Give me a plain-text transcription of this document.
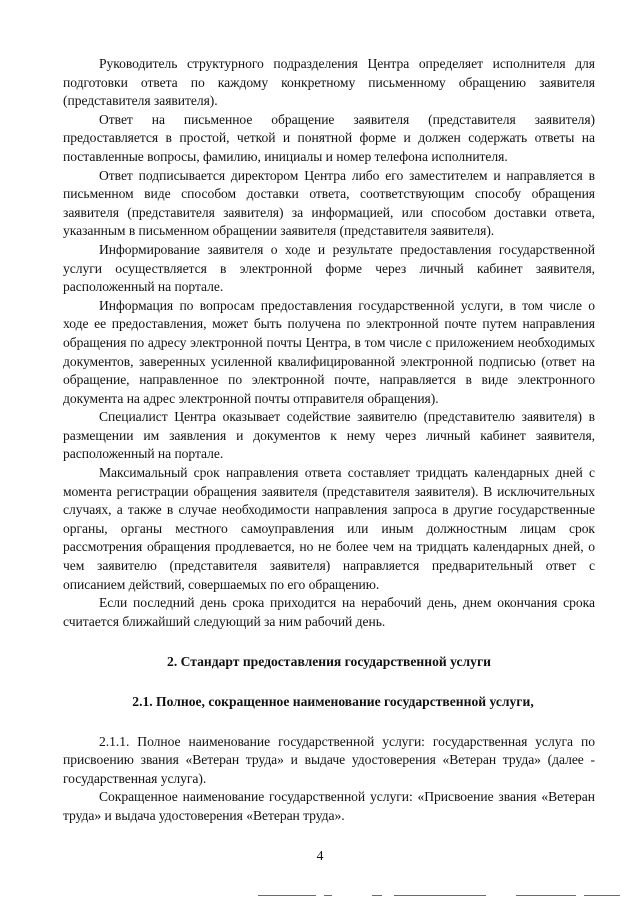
Руководитель структурного подразделения Центра определяет исполнителя для подготовки ответа по каждому конкретному письменному обращению заявителя (представителя заявителя).

Ответ на письменное обращение заявителя (представителя заявителя) предоставляется в простой, четкой и понятной форме и должен содержать ответы на поставленные вопросы, фамилию, инициалы и номер телефона исполнителя.

Ответ подписывается директором Центра либо его заместителем и направляется в письменном виде способом доставки ответа, соответствующим способу обращения заявителя (представителя заявителя) за информацией, или способом доставки ответа, указанным в письменном обращении заявителя (представителя заявителя).

Информирование заявителя о ходе и результате предоставления государственной услуги осуществляется в электронной форме через личный кабинет заявителя, расположенный на портале.

Информация по вопросам предоставления государственной услуги, в том числе о ходе ее предоставления, может быть получена по электронной почте путем направления обращения по адресу электронной почты Центра, в том числе с приложением необходимых документов, заверенных усиленной квалифицированной электронной подписью (ответ на обращение, направленное по электронной почте, направляется в виде электронного документа на адрес электронной почты отправителя обращения).

Специалист Центра оказывает содействие заявителю (представителю заявителя) в размещении им заявления и документов к нему через личный кабинет заявителя, расположенный на портале.

Максимальный срок направления ответа составляет тридцать календарных дней с момента регистрации обращения заявителя (представителя заявителя). В исключительных случаях, а также в случае необходимости направления запроса в другие государственные органы, органы местного самоуправления или иным должностным лицам срок рассмотрения обращения продлевается, но не более чем на тридцать календарных дней, о чем заявителю (представителя заявителя) направляется предварительный ответ с описанием действий, совершаемых по его обращению.

Если последний день срока приходится на нерабочий день, днем окончания срока считается ближайший следующий за ним рабочий день.

2. Стандарт предоставления государственной услуги
2.1. Полное, сокращенное наименование государственной услуги,

2.1.1. Полное наименование государственной услуги: государственная услуга по присвоению звания «Ветеран труда» и выдаче удостоверения «Ветеран труда» (далее - государственная услуга).

Сокращенное наименование государственной услуги: «Присвоение звания «Ветеран труда» и выдача удостоверения «Ветеран труда».

4
